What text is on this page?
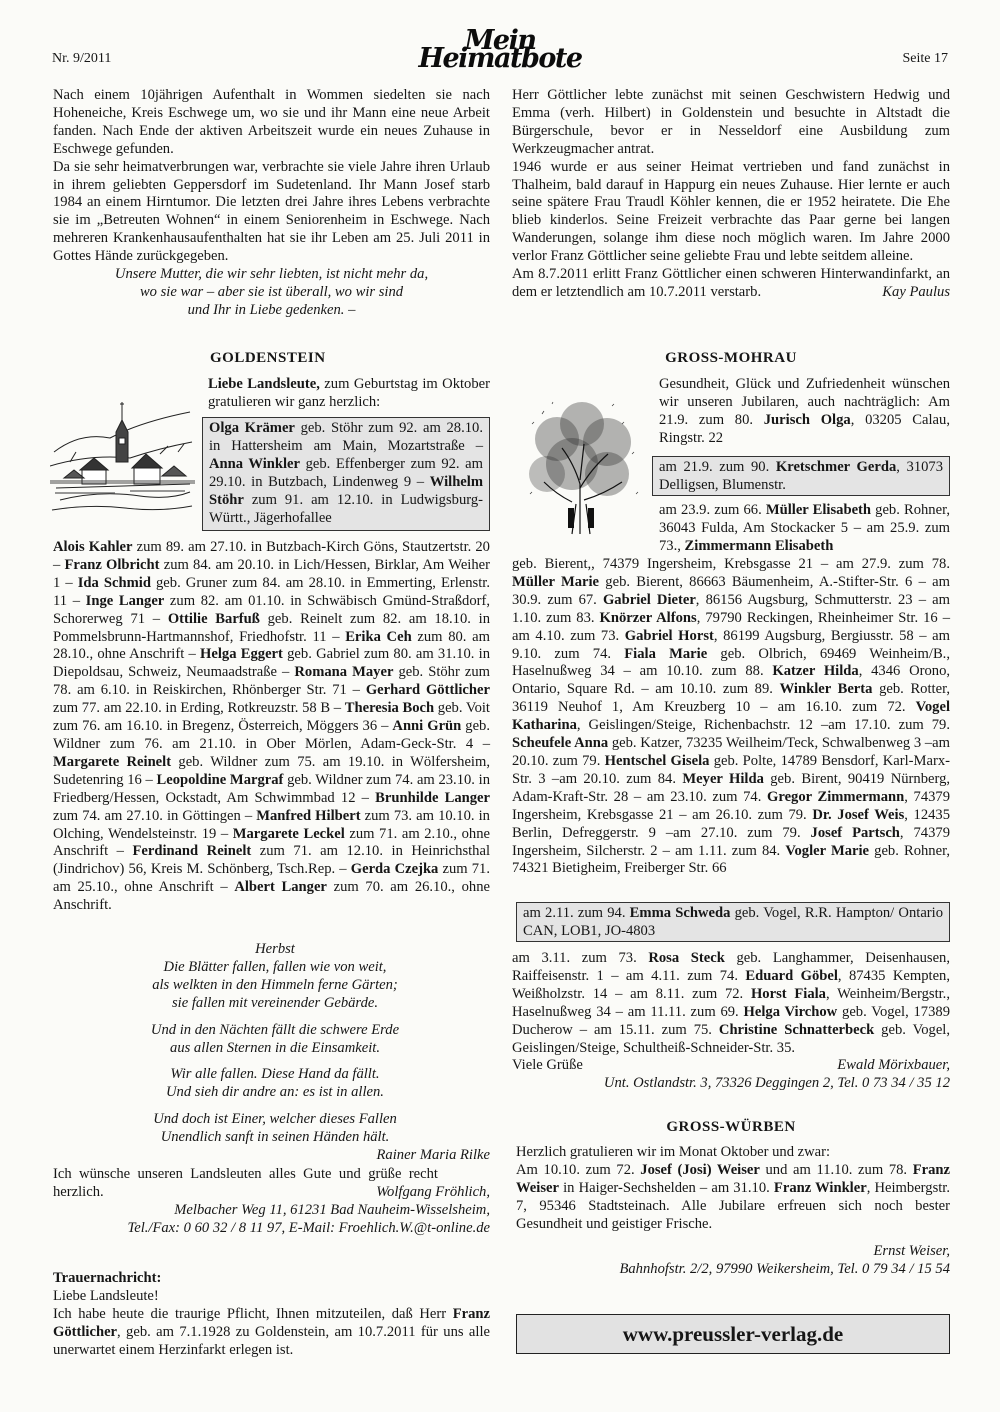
Nr. 9/2011
Mein Heimatbote	Seite 17

Nach einem 10jährigen Aufenthalt in Wommen siedelten sie nach Hoheneiche, Kreis Eschwege um, wo sie und ihr Mann eine neue Arbeit fanden. Nach Ende der aktiven Arbeitszeit wurde ein neues Zuhause in Eschwege gefunden.

Da sie sehr heimatverbrungen war, verbrachte sie viele Jahre ihren Urlaub in ihrem geliebten Geppersdorf im Sudetenland. Ihr Mann Josef starb 1984 an einem Hirntumor. Die letzten drei Jahre ihres Lebens verbrachte sie im „Betreuten Wohnen“ in einem Seniorenheim in Eschwege. Nach mehreren Krankenhausaufenthalten hat sie ihr Leben am 25. Juli 2011 in Gottes Hände zurückgegeben.

Unsere Mutter, die wir sehr liebten, ist nicht mehr da,

wo sie war – aber sie ist überall, wo wir sind

und Ihr in Liebe gedenken. –

Herr Göttlicher lebte zunächst mit seinen Geschwistern Hedwig und Emma (verh. Hilbert) in Goldenstein und besuchte in Altstadt die Bürgerschule, bevor er in Nesseldorf eine Ausbildung zum Werkzeugmacher antrat.

1946 wurde er aus seiner Heimat vertrieben und fand zunächst in Thalheim, bald darauf in Happurg ein neues Zuhause. Hier lernte er auch seine spätere Frau Traudl Köhler kennen, die er 1952 heiratete. Die Ehe blieb kinderlos. Seine Freizeit verbrachte das Paar gerne bei langen Wanderungen, solange ihm diese noch möglich waren. Im Jahre 2000 verlor Franz Göttlicher seine geliebte Frau und lebte seitdem alleine.

Am 8.7.2011 erlitt Franz Göttlicher einen schweren Hinterwandinfarkt, an dem er letztendlich am 10.7.2011 verstarb.	Kay Paulus

GOLDENSTEIN
Liebe Landsleute, zum Geburtstag im Oktober gratulieren wir ganz herzlich:
Olga Krämer geb. Stöhr zum 92. am 28.10. in Hattersheim am Main, Mozartstraße – Anna Winkler geb. Effenberger zum 92. am 29.10. in Butzbach, Lindenweg 9 – Wilhelm Stöhr zum 91. am 12.10. in Ludwigsburg-Württ., Jägerhofallee
Alois Kahler zum 89. am 27.10. in Butzbach-Kirch Göns, Stautzertstr. 20 – Franz Olbricht zum 84. am 20.10. in Lich/Hessen, Birklar, Am Weiher 1 – Ida Schmid geb. Gruner zum 84. am 28.10. in Emmerting, Erlenstr. 11 – Inge Langer zum 82. am 01.10. in Schwäbisch Gmünd-Straßdorf, Schorerweg 71 – Ottilie Barfuß geb. Reinelt zum 82. am 18.10. in Pommelsbrunn-Hartmannshof, Friedhofstr. 11 – Erika Ceh zum 80. am 28.10., ohne Anschrift – Helga Eggert geb. Gabriel zum 80. am 31.10. in Diepoldsau, Schweiz, Neumaadstraße – Romana Mayer geb. Stöhr zum 78. am 6.10. in Reiskirchen, Rhönberger Str. 71 – Gerhard Göttlicher zum 77. am 22.10. in Erding, Rotkreuzstr. 58 B – Theresia Boch geb. Voit zum 76. am 16.10. in Bregenz, Österreich, Möggers 36 – Anni Grün geb. Wildner zum 76. am 21.10. in Ober Mörlen, Adam-Geck-Str. 4 – Margarete Reinelt geb. Wildner zum 75. am 19.10. in Wölfersheim, Sudetenring 16 – Leopoldine Margraf geb. Wildner zum 74. am 23.10. in Friedberg/Hessen, Ockstadt, Am Schwimmbad 12 – Brunhilde Langer zum 74. am 27.10. in Göttingen – Manfred Hilbert zum 73. am 10.10. in Olching, Wendelsteinstr. 19 – Margarete Leckel zum 71. am 2.10., ohne Anschrift – Ferdinand Reinelt zum 71. am 12.10. in Heinrichsthal (Jindrichov) 56, Kreis M. Schönberg, Tsch.Rep. – Gerda Czejka zum 71. am 25.10., ohne Anschrift – Albert Langer zum 70. am 26.10., ohne Anschrift.

Herbst

Die Blätter fallen, fallen wie von weit,

als welkten in den Himmeln ferne Gärten;

sie fallen mit vereinender Gebärde.

Und in den Nächten fällt die schwere Erde

aus allen Sternen in die Einsamkeit.

Wir alle fallen. Diese Hand da fällt.

Und sieh dir andre an: es ist in allen.

Und doch ist Einer, welcher dieses Fallen

Unendlich sanft in seinen Händen hält.

Rainer Maria Rilke

Ich wünsche unseren Landsleuten alles Gute und grüße recht herzlich.	Wolfgang Fröhlich,

Melbacher Weg 11, 61231 Bad Nauheim-Wisselsheim,

Tel./Fax: 0 60 32 / 8 11 97, E-Mail: Froehlich.W.@t-online.de

Trauernachricht:

Liebe Landsleute!

Ich habe heute die traurige Pflicht, Ihnen mitzuteilen, daß Herr Franz Göttlicher, geb. am 7.1.1928 zu Goldenstein, am 10.7.2011 für uns alle unerwartet einem Herzinfarkt erlegen ist.

GROSS-MOHRAU
Gesundheit, Glück und Zufriedenheit wünschen wir unseren Jubilaren, auch nachträglich: Am 21.9. zum 80. Jurisch Olga, 03205 Calau, Ringstr. 22
am 21.9. zum 90. Kretschmer Gerda, 31073 Delligsen, Blumenstr.
am 23.9. zum 66. Müller Elisabeth geb. Rohner, 36043 Fulda, Am Stockacker 5 – am 25.9. zum 73., Zimmermann Elisabeth
geb. Bierent,, 74379 Ingersheim, Krebsgasse 21 – am 27.9. zum 78. Müller Marie geb. Bierent, 86663 Bäumenheim, A.-Stifter-Str. 6 – am 30.9. zum 67. Gabriel Dieter, 86156 Augsburg, Schmutterstr. 23 – am 1.10. zum 83. Knörzer Alfons, 79790 Reckingen, Rheinheimer Str. 16 – am 4.10. zum 73. Gabriel Horst, 86199 Augsburg, Bergiusstr. 58 – am 9.10. zum 74. Fiala Marie geb. Olbrich, 69469 Weinheim/B., Haselnußweg 34 – am 10.10. zum 88. Katzer Hilda, 4346 Orono, Ontario, Square Rd. – am 10.10. zum 89. Winkler Berta geb. Rotter, 36119 Neuhof 1, Am Kreuzberg 10 – am 16.10. zum 72. Vogel Katharina, Geislingen/Steige, Richenbachstr. 12 –am 17.10. zum 79. Scheufele Anna geb. Katzer, 73235 Weilheim/Teck, Schwalbenweg 3 –am 20.10. zum 79. Hentschel Gisela geb. Polte, 14789 Bensdorf, Karl-Marx-Str. 3 –am 20.10. zum 84. Meyer Hilda geb. Birent, 90419 Nürnberg, Adam-Kraft-Str. 28 – am 23.10. zum 74. Gregor Zimmermann, 74379 Ingersheim, Krebsgasse 21 – am 26.10. zum 79. Dr. Josef Weis, 12435 Berlin, Defreggerstr. 9 –am 27.10. zum 79. Josef Partsch, 74379 Ingersheim, Silcherstr. 2 – am 1.11. zum 84. Vogler Marie geb. Rohner, 74321 Bietigheim, Freiberger Str. 66
am 2.11. zum 94. Emma Schweda geb. Vogel, R.R. Hampton/ Ontario CAN, LOB1, JO-4803
am 3.11. zum 73. Rosa Steck geb. Langhammer, Deisenhausen, Raiffeisenstr. 1 – am 4.11. zum 74. Eduard Göbel, 87435 Kempten, Weißholzstr. 14 – am 8.11. zum 72. Horst Fiala, Weinheim/Bergstr., Haselnußweg 34 – am 11.11. zum 69. Helga Virchow geb. Vogel, 17389 Ducherow – am 15.11. zum 75. Christine Schnatterbeck geb. Vogel, Geislingen/Steige, Schultheiß-Schneider-Str. 35.

Viele Grüße	Ewald Mörixbauer,

Unt. Ostlandstr. 3, 73326 Deggingen 2, Tel. 0 73 34 / 35 12

GROSS-WÜRBEN

Herzlich gratulieren wir im Monat Oktober und zwar:

Am 10.10. zum 72. Josef (Josi) Weiser und am 11.10. zum 78. Franz Weiser in Haiger-Sechshelden – am 31.10. Franz Winkler, Heimbergstr. 7, 95346 Stadtsteinach. Alle Jubilare erfreuen sich noch bester Gesundheit und geistiger Frische.

Ernst Weiser,

Bahnhofstr. 2/2, 97990 Weikersheim, Tel. 0 79 34 / 15 54

www.preussler-verlag.de
